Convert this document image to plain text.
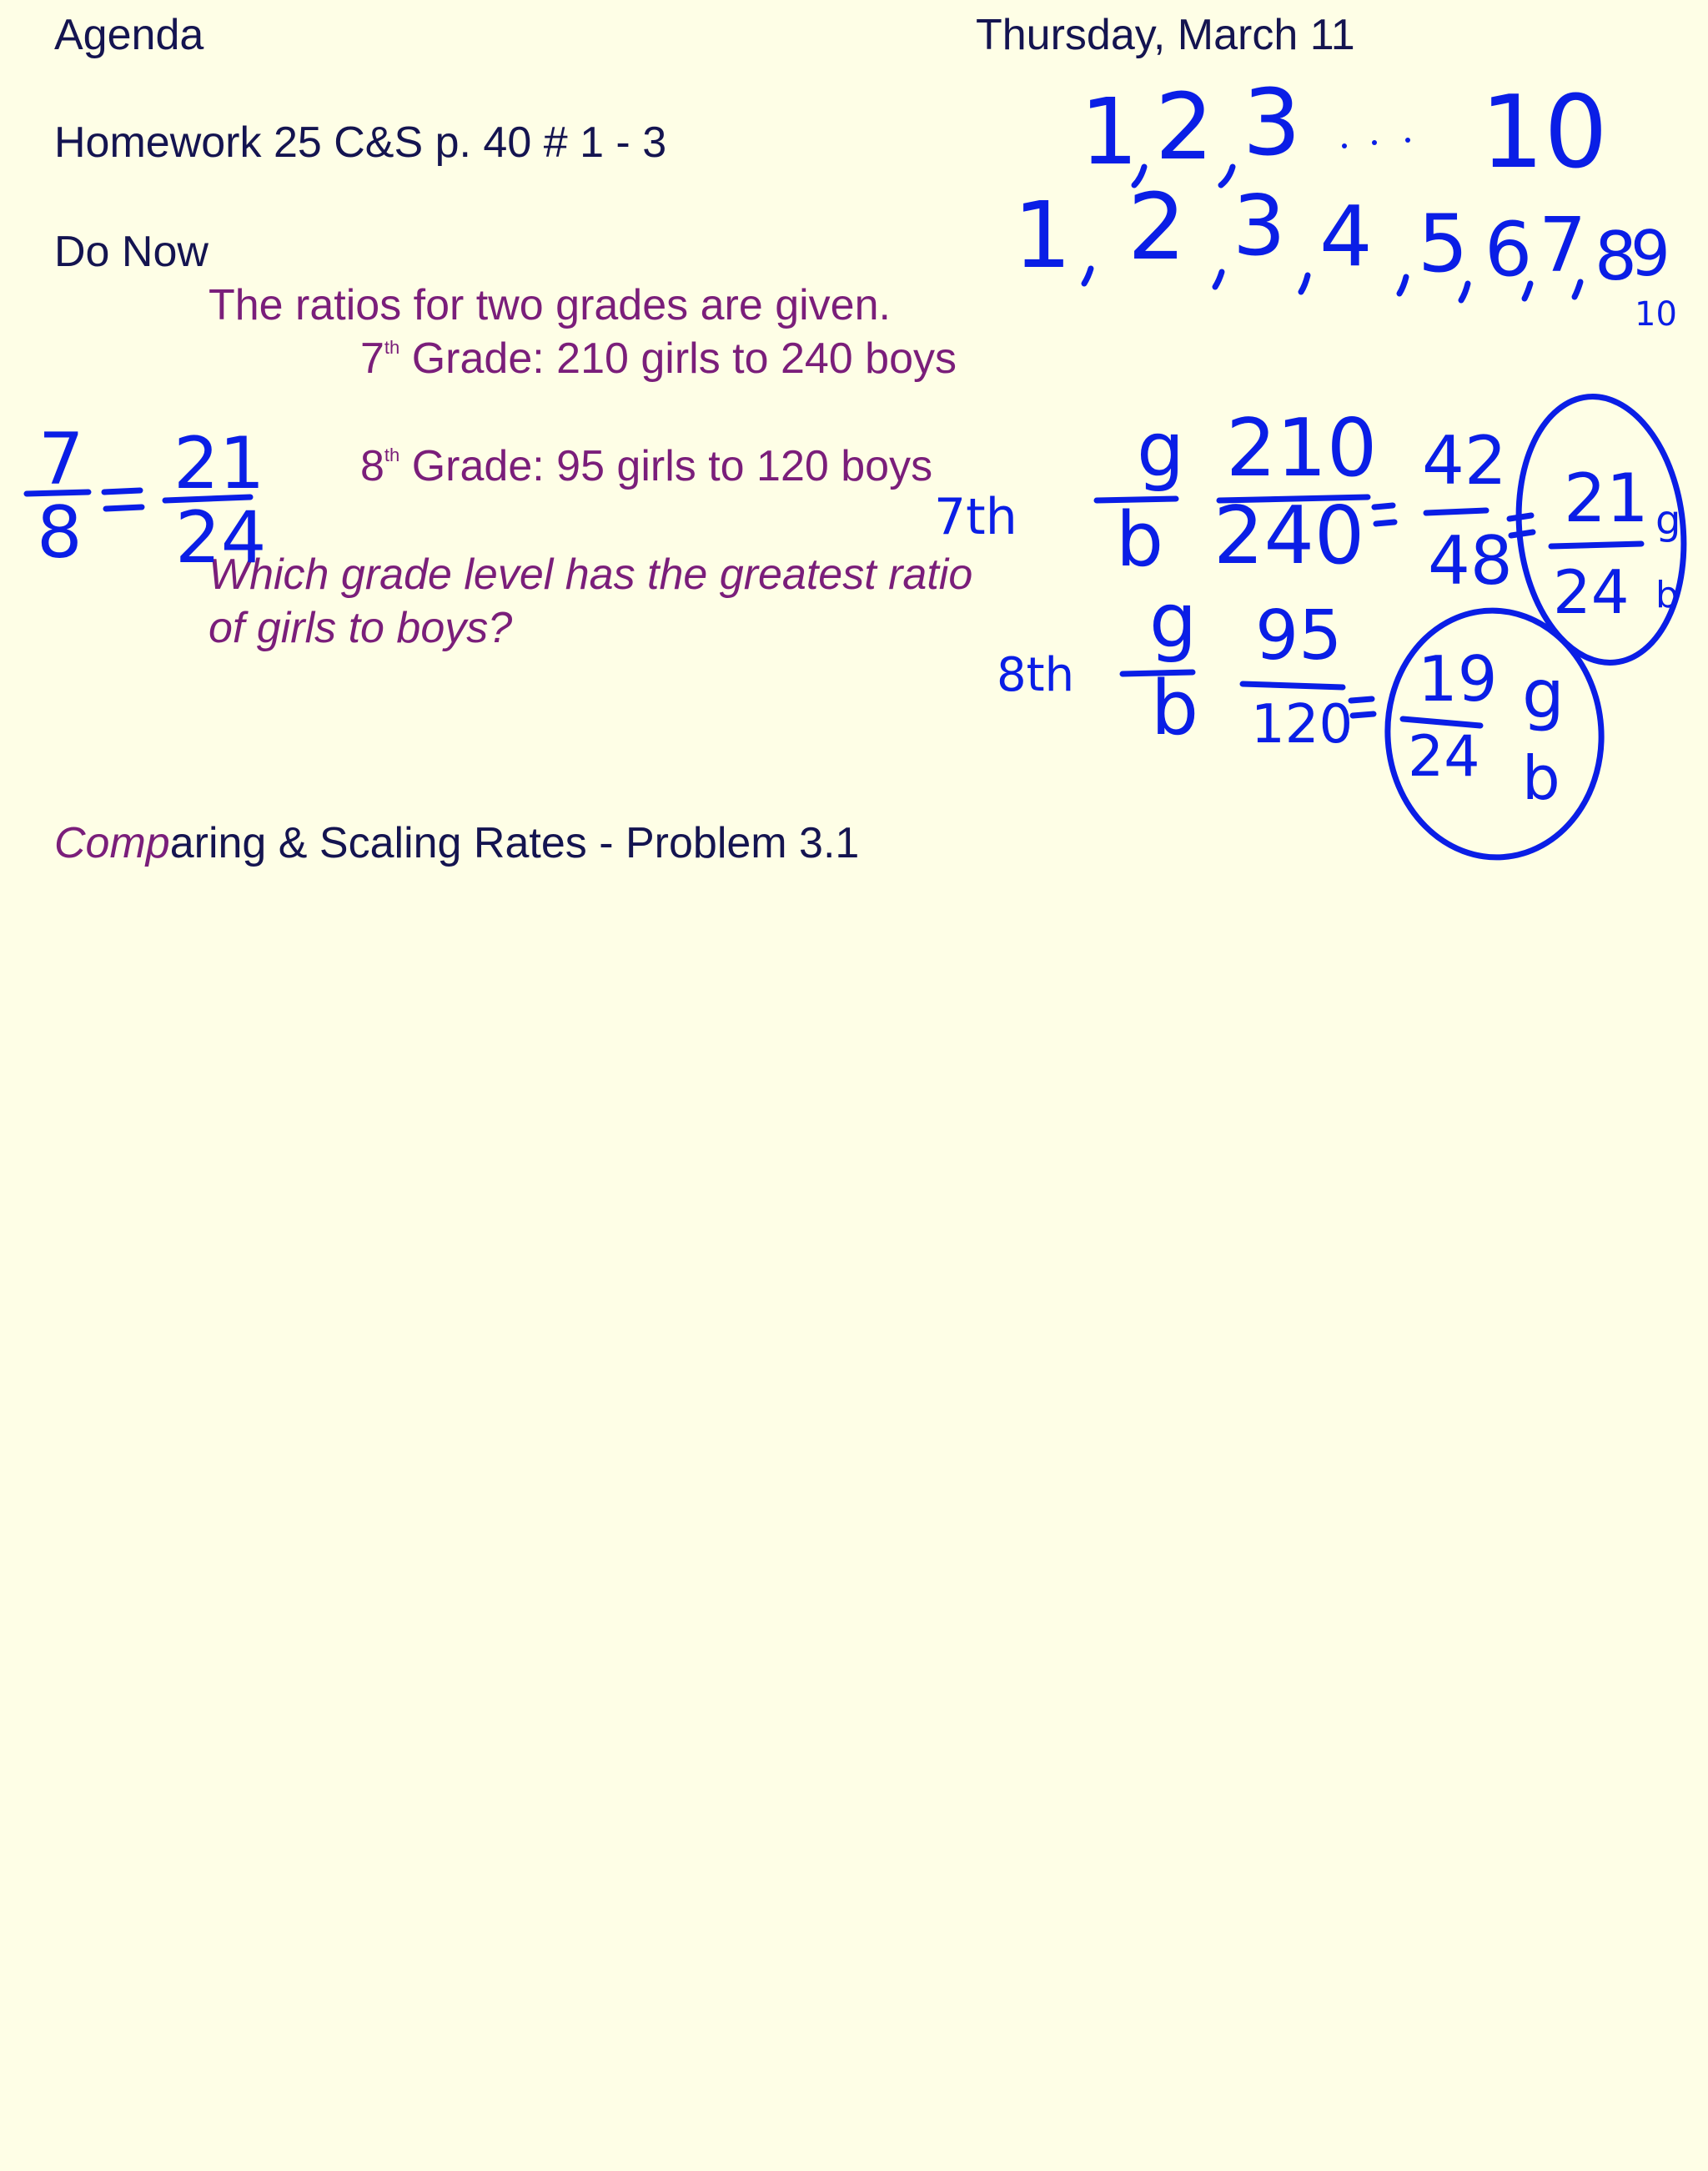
Agenda	Thursday, March 11
Homework 25 C&S p. 40 # 1 - 3
Do Now
The ratios for two grades are given.
7th Grade: 210 girls to 240 boys
8th Grade: 95 girls to 120 boys
Which grade level has the greatest ratio
of girls to boys?
Comparing & Scaling Rates - Problem 3.1
7
8
21
24
1 2 3 10
1 2 3 4 5 6 7 8
9
10
7th
g
b
210
240
42
48
21
24
g
b
8th
g
b
95
120
19
24
g
b
